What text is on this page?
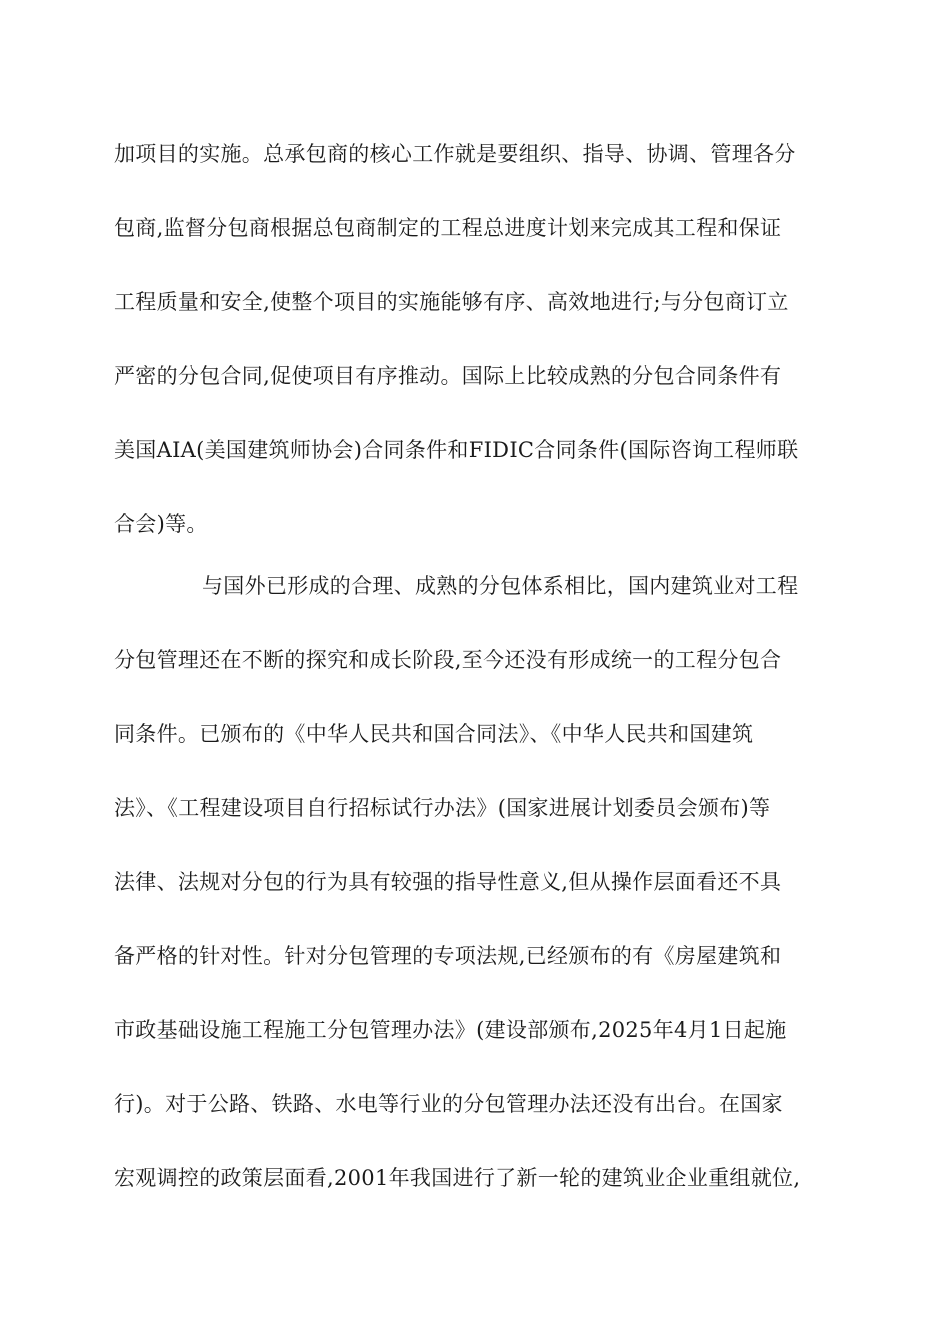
加项目的实施。总承包商的核心工作就是要组织、指导、协调、管理各分
包商,监督分包商根据总包商制定的工程总进度计划来完成其工程和保证
工程质量和安全,使整个项目的实施能够有序、高效地进行;与分包商订立
严密的分包合同,促使项目有序推动。国际上比较成熟的分包合同条件有
美国AIA(美国建筑师协会)合同条件和FIDIC合同条件(国际咨询工程师联
合会)等。
与国外已形成的合理、成熟的分包体系相比，国内建筑业对工程
分包管理还在不断的探究和成长阶段,至今还没有形成统一的工程分包合
同条件。已颁布的《中华人民共和国合同法》、《中华人民共和国建筑
法》、《工程建设项目自行招标试行办法》(国家进展计划委员会颁布)等
法律、法规对分包的行为具有较强的指导性意义,但从操作层面看还不具
备严格的针对性。针对分包管理的专项法规,已经颁布的有《房屋建筑和
市政基础设施工程施工分包管理办法》(建设部颁布,2025年4月1日起施
行)。对于公路、铁路、水电等行业的分包管理办法还没有出台。在国家
宏观调控的政策层面看,2001年我国进行了新一轮的建筑业企业重组就位,
